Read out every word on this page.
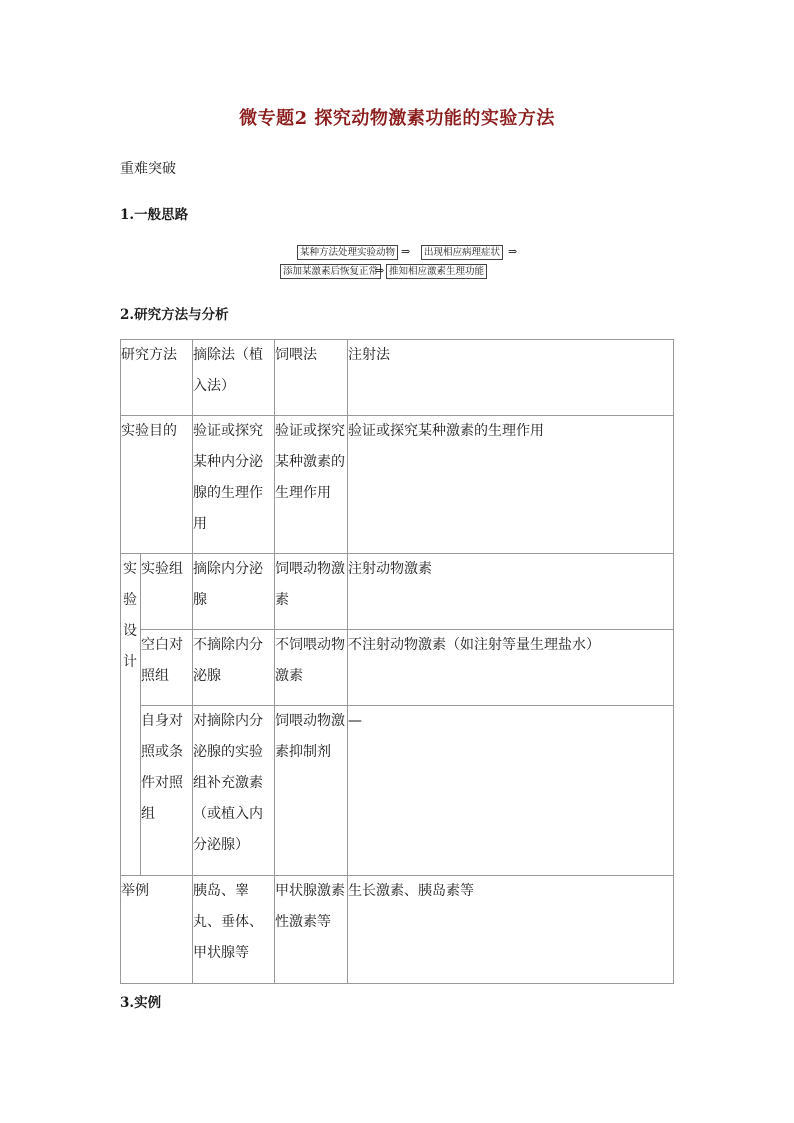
微专题2 探究动物激素功能的实验方法
重难突破
1.一般思路
某种方法处理实验动物 ⇒	出现相应病理症状 ⇒
添加某激素后恢复正常
⇒ 推知相应激素生理功能
2.研究方法与分析
研究方法		摘除法（植入法）	饲喂法	注射法
实验目的		验证或探究某种内分泌腺的生理作用	验证或探究某种激素的生理作用	验证或探究某种激素的生理作用

实验设计	实验组	摘除内分泌腺	饲喂动物激素	注射动物激素
	空白对照组	不摘除内分泌腺	不饲喂动物激素	不注射动物激素（如注射等量生理盐水）
	自身对照或条件对照组	对摘除内分泌腺的实验组补充激素（或植入内分泌腺）	饲喂动物激素抑制剂	—
举例		胰岛、睾丸、垂体、甲状腺等	甲状腺激素性激素等	生长激素、胰岛素等
3.实例
